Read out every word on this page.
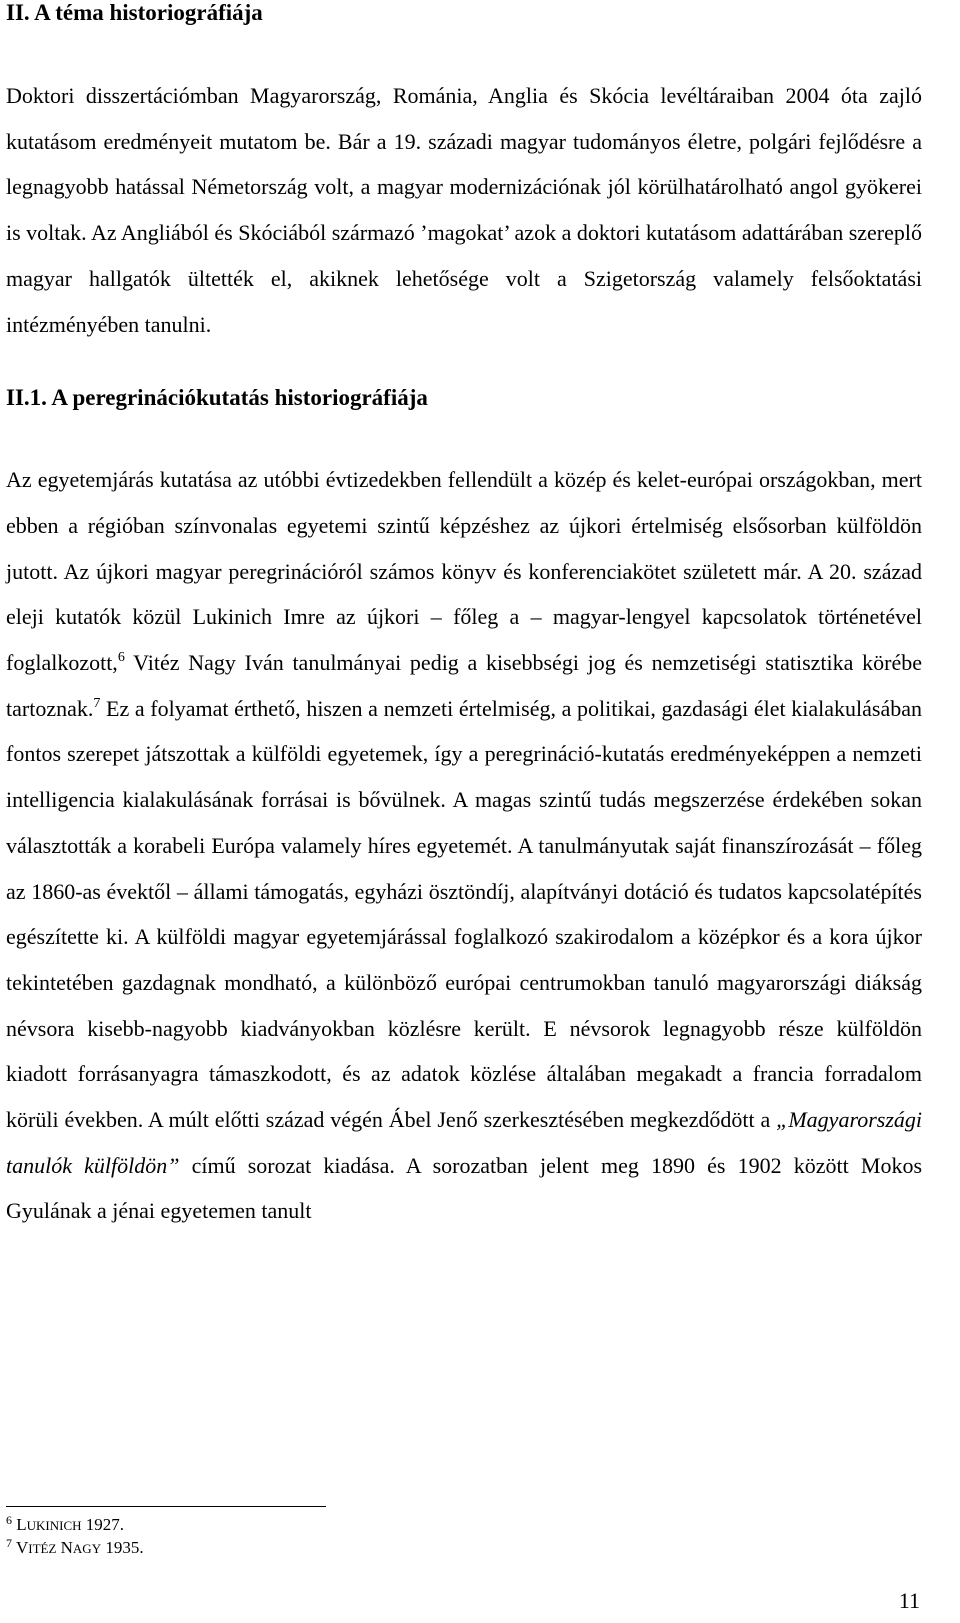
II. A téma historiográfiája

Doktori disszertációmban Magyarország, Románia, Anglia és Skócia levéltáraiban 2004 óta zajló kutatásom eredményeit mutatom be. Bár a 19. századi magyar tudományos életre, polgári fejlődésre a legnagyobb hatással Németország volt, a magyar modernizációnak jól körülhatárolható angol gyökerei is voltak. Az Angliából és Skóciából származó ’magokat’ azok a doktori kutatásom adattárában szereplő magyar hallgatók ültették el, akiknek lehetősége volt a Szigetország valamely felsőoktatási intézményében tanulni.

II.1. A peregrinációkutatás historiográfiája

Az egyetemjárás kutatása az utóbbi évtizedekben fellendült a közép és kelet-európai országokban, mert ebben a régióban színvonalas egyetemi szintű képzéshez az újkori értelmiség elsősorban külföldön jutott. Az újkori magyar peregrinációról számos könyv és konferenciakötet született már. A 20. század eleji kutatók közül Lukinich Imre az újkori – főleg a – magyar-lengyel kapcsolatok történetével foglalkozott,$^6$ Vitéz Nagy Iván tanulmányai pedig a kisebbségi jog és nemzetiségi statisztika körébe tartoznak.$^7$ Ez a folyamat érthető, hiszen a nemzeti értelmiség, a politikai, gazdasági élet kialakulásában fontos szerepet játszottak a külföldi egyetemek, így a peregrináció-kutatás eredményeképpen a nemzeti intelligencia kialakulásának forrásai is bővülnek. A magas szintű tudás megszerzése érdekében sokan választották a korabeli Európa valamely híres egyetemét. A tanulmányutak saját finanszírozását – főleg az 1860-as évektől – állami támogatás, egyházi ösztöndíj, alapítványi dotáció és tudatos kapcsolatépítés egészítette ki. A külföldi magyar egyetemjárással foglalkozó szakirodalom a középkor és a kora újkor tekintetében gazdagnak mondható, a különböző európai centrumokban tanuló magyarországi diákság névsora kisebb-nagyobb kiadványokban közlésre került. E névsorok legnagyobb része külföldön kiadott forrásanyagra támaszkodott, és az adatok közlése általában megakadt a francia forradalom körüli években. A múlt előtti század végén Ábel Jenő szerkesztésében megkezdődött a „Magyarországi tanulók külföldön” című sorozat kiadása. A sorozatban jelent meg 1890 és 1902 között Mokos Gyulának a jénai egyetemen tanult

$^6$ LUKINICH 1927.
$^7$ VITÉZ NAGY 1935.
11
